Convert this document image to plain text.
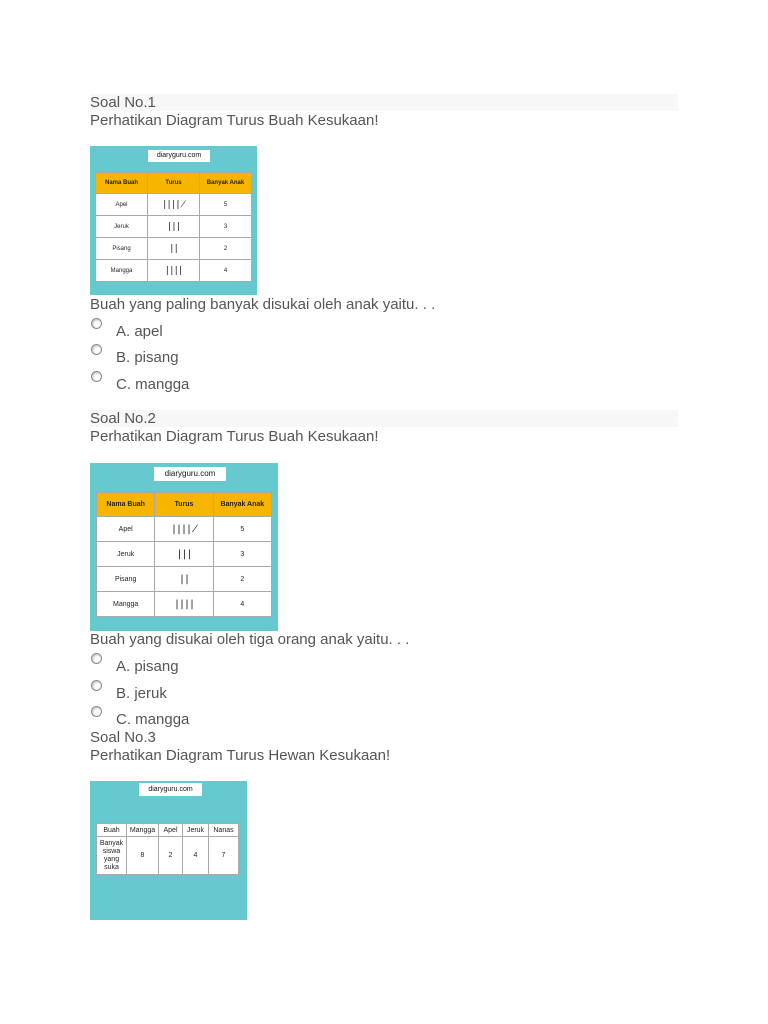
Soal No.1
Perhatikan Diagram Turus Buah Kesukaan!
diaryguru.com
Nama Buah	Turus	Banyak Anak
Apel	||||̸	5
Jeruk	|||	3
Pisang	||	2
Mangga	||||	4
Buah yang paling banyak disukai oleh anak yaitu. . .
A. apel
B. pisang
C. mangga
Soal No.2
Perhatikan Diagram Turus Buah Kesukaan!
diaryguru.com
Nama Buah	Turus	Banyak Anak
Apel	||||̸	5
Jeruk	|||	3
Pisang	||	2
Mangga	||||	4
Buah yang disukai oleh tiga orang anak yaitu. . .
A. pisang
B. jeruk
C. mangga
Soal No.3
Perhatikan Diagram Turus Hewan Kesukaan!
diaryguru.com
Buah	Mangga	Apel	Jeruk	Nanas
Banyak siswa yang suka	8	2	4	7
